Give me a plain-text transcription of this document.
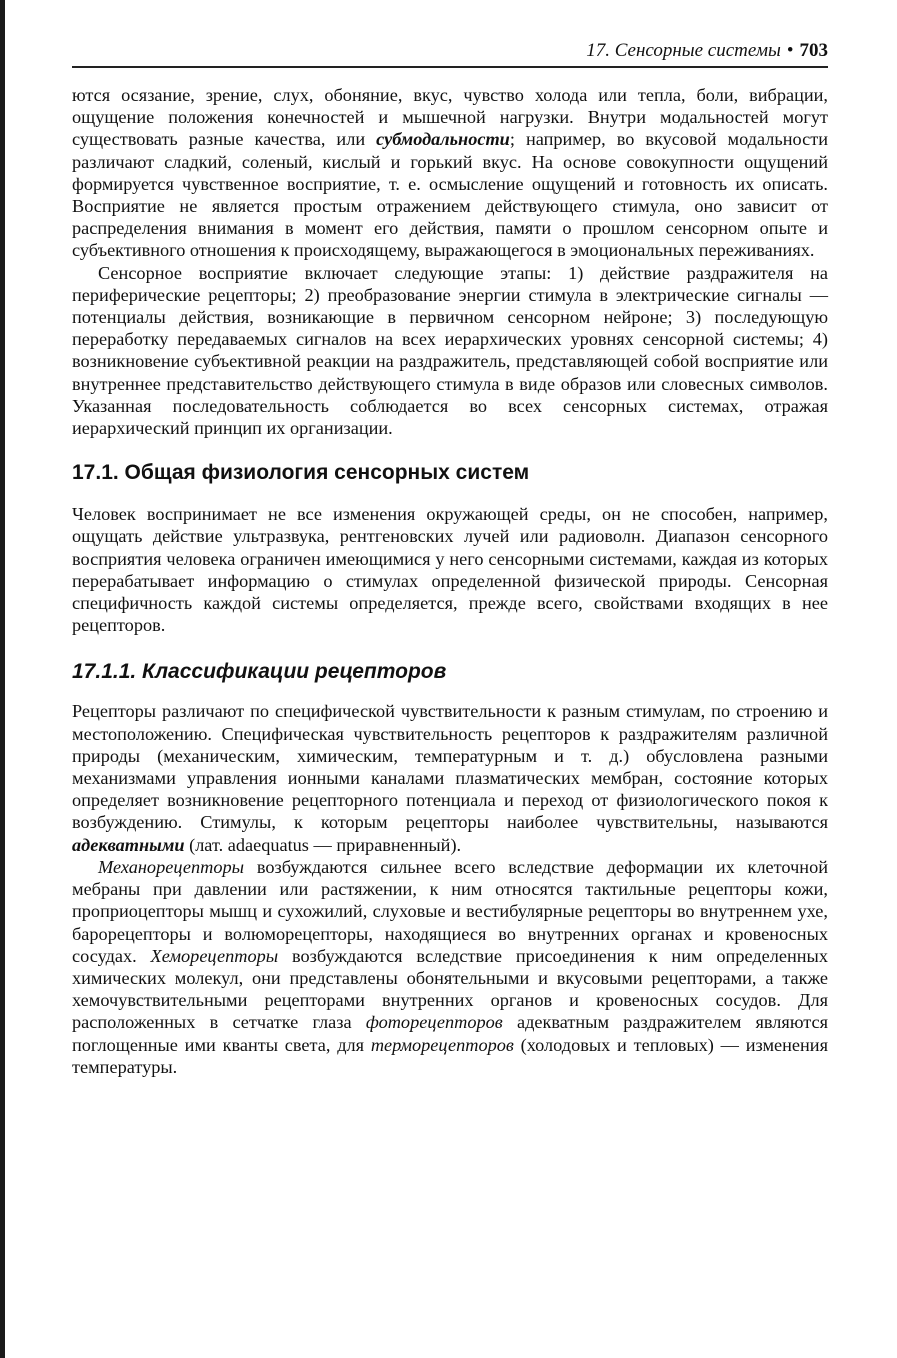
17. Сенсорные системы • 703

ются осязание, зрение, слух, обоняние, вкус, чувство холода или тепла, боли, вибрации, ощущение положения конечностей и мышечной нагрузки. Внутри модальностей могут существовать разные качества, или субмодальности; например, во вкусовой модальности различают сладкий, соленый, кислый и горький вкус. На основе совокупности ощущений формируется чувственное восприятие, т. е. осмысление ощущений и готовность их описать. Восприятие не является простым отражением действующего стимула, оно зависит от распределения внимания в момент его действия, памяти о прошлом сенсорном опыте и субъективного отношения к происходящему, выражающегося в эмоциональных переживаниях.

Сенсорное восприятие включает следующие этапы: 1) действие раздражителя на периферические рецепторы; 2) преобразование энергии стимула в электрические сигналы — потенциалы действия, возникающие в первичном сенсорном нейроне; 3) последующую переработку передаваемых сигналов на всех иерархических уровнях сенсорной системы; 4) возникновение субъективной реакции на раздражитель, представляющей собой восприятие или внутреннее представительство действующего стимула в виде образов или словесных символов. Указанная последовательность соблюдается во всех сенсорных системах, отражая иерархический принцип их организации.

17.1. Общая физиология сенсорных систем

Человек воспринимает не все изменения окружающей среды, он не способен, например, ощущать действие ультразвука, рентгеновских лучей или радиоволн. Диапазон сенсорного восприятия человека ограничен имеющимися у него сенсорными системами, каждая из которых перерабатывает информацию о стимулах определенной физической природы. Сенсорная специфичность каждой системы определяется, прежде всего, свойствами входящих в нее рецепторов.

17.1.1. Классификации рецепторов

Рецепторы различают по специфической чувствительности к разным стимулам, по строению и местоположению. Специфическая чувствительность рецепторов к раздражителям различной природы (механическим, химическим, температурным и т. д.) обусловлена разными механизмами управления ионными каналами плазматических мембран, состояние которых определяет возникновение рецепторного потенциала и переход от физиологического покоя к возбуждению. Стимулы, к которым рецепторы наиболее чувствительны, называются адекватными (лат. adaequatus — приравненный).

Механорецепторы возбуждаются сильнее всего вследствие деформации их клеточной мебраны при давлении или растяжении, к ним относятся тактильные рецепторы кожи, проприоцепторы мышц и сухожилий, слуховые и вестибулярные рецепторы во внутреннем ухе, барорецепторы и волюморецепторы, находящиеся во внутренних органах и кровеносных сосудах. Хеморецепторы возбуждаются вследствие присоединения к ним определенных химических молекул, они представлены обонятельными и вкусовыми рецепторами, а также хемочувствительными рецепторами внутренних органов и кровеносных сосудов. Для расположенных в сетчатке глаза фоторецепторов адекватным раздражителем являются поглощенные ими кванты света, для терморецепторов (холодовых и тепловых) — изменения температуры.
